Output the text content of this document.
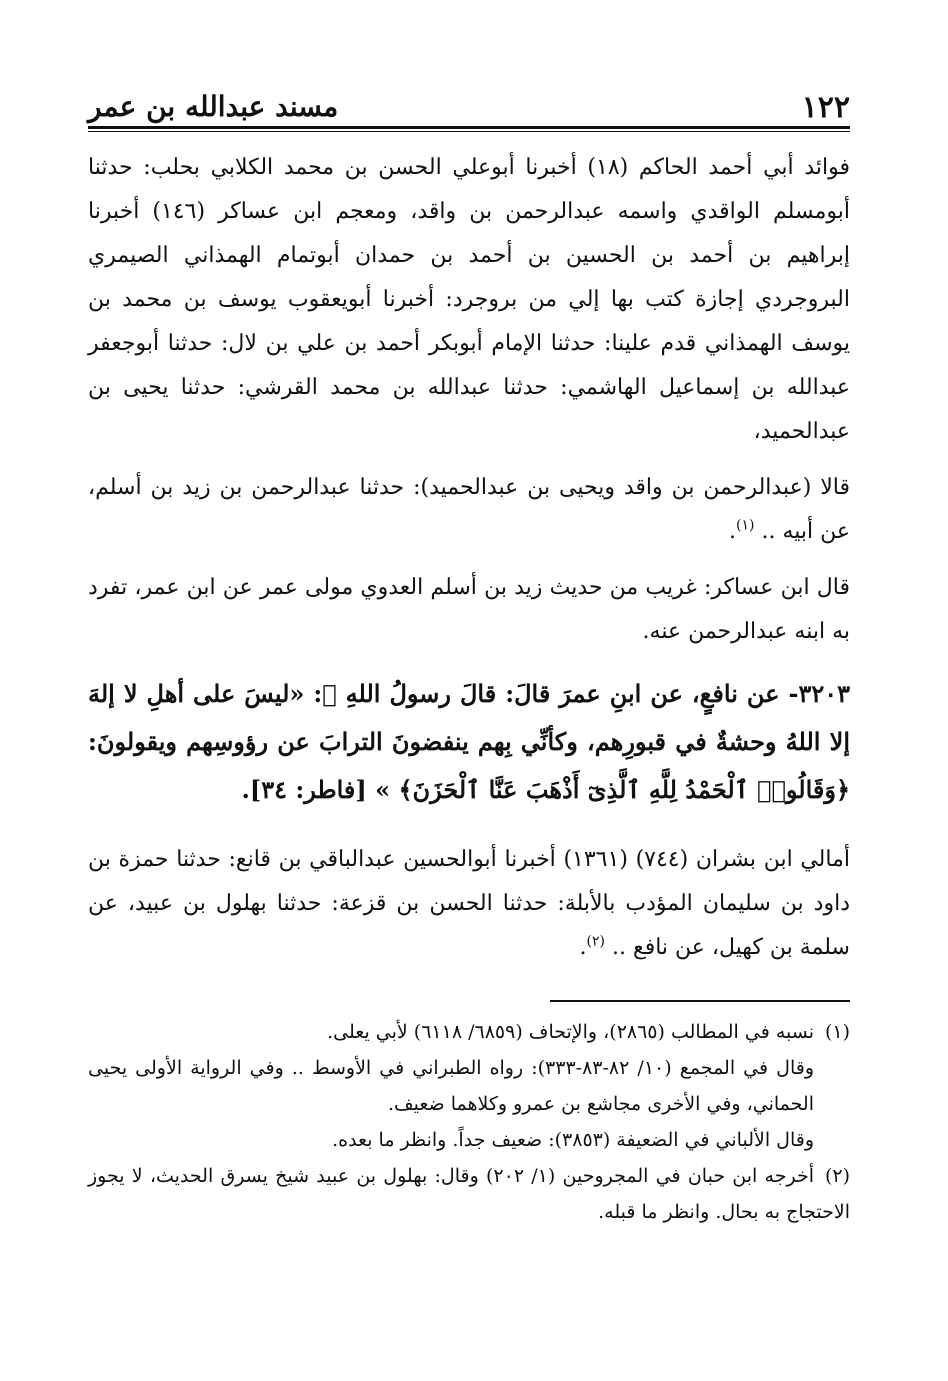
١٢٢
مسند عبدالله بن عمر

فوائد أبي أحمد الحاكم (١٨) أخبرنا أبوعلي الحسن بن محمد الكلابي بحلب: حدثنا أبومسلم الواقدي واسمه عبدالرحمن بن واقد، ومعجم ابن عساكر (١٤٦) أخبرنا إبراهيم بن أحمد بن الحسين بن أحمد بن حمدان أبوتمام الهمذاني الصيمري البروجردي إجازة كتب بها إلي من بروجرد: أخبرنا أبويعقوب يوسف بن محمد بن يوسف الهمذاني قدم علينا: حدثنا الإمام أبوبكر أحمد بن علي بن لال: حدثنا أبوجعفر عبدالله بن إسماعيل الهاشمي: حدثنا عبدالله بن محمد القرشي: حدثنا يحيى بن عبدالحميد،

قالا (عبدالرحمن بن واقد ويحيى بن عبدالحميد): حدثنا عبدالرحمن بن زيد بن أسلم، عن أبيه .. $^{(١)}$.

قال ابن عساكر: غريب من حديث زيد بن أسلم العدوي مولى عمر عن ابن عمر، تفرد به ابنه عبدالرحمن عنه.

٣٢٠٣- عن نافعٍ، عن ابنِ عمرَ قالَ: قالَ رسولُ اللهِ ﷺ: «ليسَ على أهلِ لا إلهَ إلا اللهُ وحشةٌ في قبورِهم، وكأنِّي بِهم ينفضونَ الترابَ عن رؤوسِهم ويقولونَ: ﴿وَقَالُوا۟ ٱلْحَمْدُ لِلَّهِ ٱلَّذِىٓ أَذْهَبَ عَنَّا ٱلْحَزَنَ﴾ » [فاطر: ٣٤].

أمالي ابن بشران (٧٤٤) (١٣٦١) أخبرنا أبوالحسين عبدالباقي بن قانع: حدثنا حمزة بن داود بن سليمان المؤدب بالأبلة: حدثنا الحسن بن قزعة: حدثنا بهلول بن عبيد، عن سلمة بن كهيل، عن نافع .. $^{(٢)}$.

(١)نسبه في المطالب (٢٨٦٥)، والإتحاف (٦٨٥٩/ ٦١١٨) لأبي يعلى.

وقال في المجمع (١٠/ ٨٢-٨٣-٣٣٣): رواه الطبراني في الأوسط .. وفي الرواية الأولى يحيى الحماني، وفي الأخرى مجاشع بن عمرو وكلاهما ضعيف.

وقال الألباني في الضعيفة (٣٨٥٣): ضعيف جداً. وانظر ما بعده.

(٢)أخرجه ابن حبان في المجروحين (١/ ٢٠٢) وقال: بهلول بن عبيد شيخ يسرق الحديث، لا يجوز الاحتجاج به بحال. وانظر ما قبله.
